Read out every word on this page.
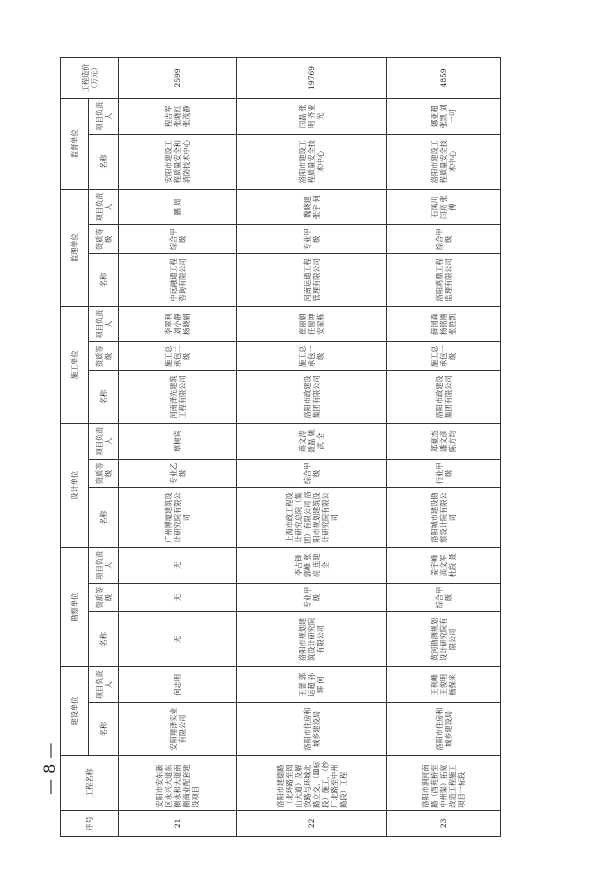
— 8 —
序号	工程名称	建设单位		勘察单位			设计单位			施工单位			监理单位			监督单位		工程造价（万元）
		名称	项目负责人	名称	资质等级	项目负责人	名称	资质等级	项目负责人	名称	资质等级	项目负责人	名称	资质等级	项目负责人	名称	项目负责人	
21	安阳市安东新区永兴大道东侧永和大道南侧商业配套建设项目	安阳翔泽实业有限公司	何志明	无	无	无	广州博厦建筑设计研究院有限公司	专业乙级	覃树宾	河南泽先建筑工程有限公司	施工总承包二级	李翠利 刘小静 杨晓娟	中远融通工程咨询有限公司	综合甲级	鹏 周	安阳市建设工程质量安全和消防技术中心	程吉军 张晓红 张茂静	2599
22	洛阳市建德路（北环路至周山大道）及解放路与环城北路立交、（Ⅲ标段）施工、（纱厂北路至中州路段）工程	洛阳市住房和城乡建设局	王蕾 郭运超 孙辉 何	洛阳市规划建筑设计研究院有限公司	专业甲级	李占锋 郭峰 张亮 连建全	上海市政工程设计研究总院（集团）有限公司 洛阳市规划建筑设计研究院有限公司	综合甲级	蒋文涛 聂磊 姚武 全	洛阳市政建设集团有限公司	施工总承包一级	崔丽娟 任留坤 安家栋	河南运通工程管理有限公司	专业甲级	魏晓建 张宇 何	洛阳市建设工程质量安全技术中心	闫磊 张明 齐亚光	19769
23	洛阳市涧河南路（西苑桥至中州渠）拓宽改造工程施工项目一标段	洛阳市住房和城乡建设局	王利峰 王俊明 杨保来	黄河勘测规划设计研究院有限公司	综合甲级	姜宇峰 高文军 杜段 聂	洛阳城市建设勘察设计院有限公司	行业甲级	郑豪杰 潘文彦 陈方均	洛阳市政建设集团有限公司	施工总承包一级	薛园森 杨铭刚 张胜凯	洛阳鸿鼎工程监理有限公司	综合甲级	石凤川 闫亮 张傅	洛阳市建设工程质量安全技术中心	娜亚超 张凯 刘一可	4859
